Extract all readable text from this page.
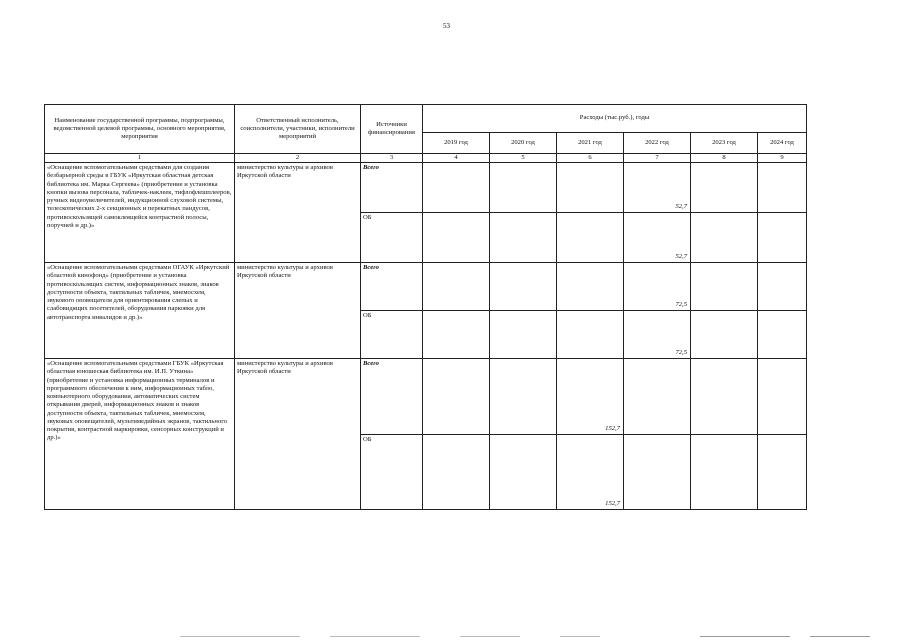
53
Наименование государственной программы, подпрограммы, ведомственной целевой программы, основного мероприятия, мероприятия	Ответственный исполнитель, соисполнители, участники, исполнители мероприятий	Источники финансирования	Расходы (тыс.руб.), годы					
			2019 год	2020 год	2021 год	2022 год	2023 год	2024 год
1	2	3	4	5	6	7	8	9
«Оснащение вспомогательными средствами для создания безбарьерной среды в ГБУК «Иркутская областная детская библиотека им. Марка Сергеева» (приобретение и установка кнопки вызова персонала, табличек-наклеек, тифлофлешплееров, ручных видеоувеличителей, индукционной слуховой системы, телескопических 2-х секционных и перекатных пандусов, противоскользящей самоклеящейся контрастной полосы, поручней и др.)»	министерство культуры и архивов Иркутской области	Всего				52,7		
		ОБ				52,7		
«Оснащение вспомогательными средствами ОГАУК «Иркутский областной кинофонд» (приобретение и установка противоскользящих систем, информационных знаков, знаков доступности объекта, тактильных табличек, мнемосхем, звукового оповещателя для ориентирования слепых и слабовидящих посетителей, оборудования парковки для автотранспорта инвалидов и др.)»	министерство культуры и архивов Иркутской области	Всего				72,5		
		ОБ				72,5		
«Оснащение вспомогательными средствами ГБУК «Иркутская областная юношеская библиотека им. И.П. Уткина» (приобретение и установка информационных терминалов и программного обеспечения к ним, информационных табло, компьютерного оборудования, автоматических систем открывания дверей, информационных знаков и знаков доступности объекта, тактильных табличек, мнемосхем, звуковых оповещателей, мультимедийных экранов, тактильного покрытия, контрастной маркировки, сенсорных конструкций и др.)»	министерство культуры и архивов Иркутской области	Всего			152,7			
		ОБ			152,7			
